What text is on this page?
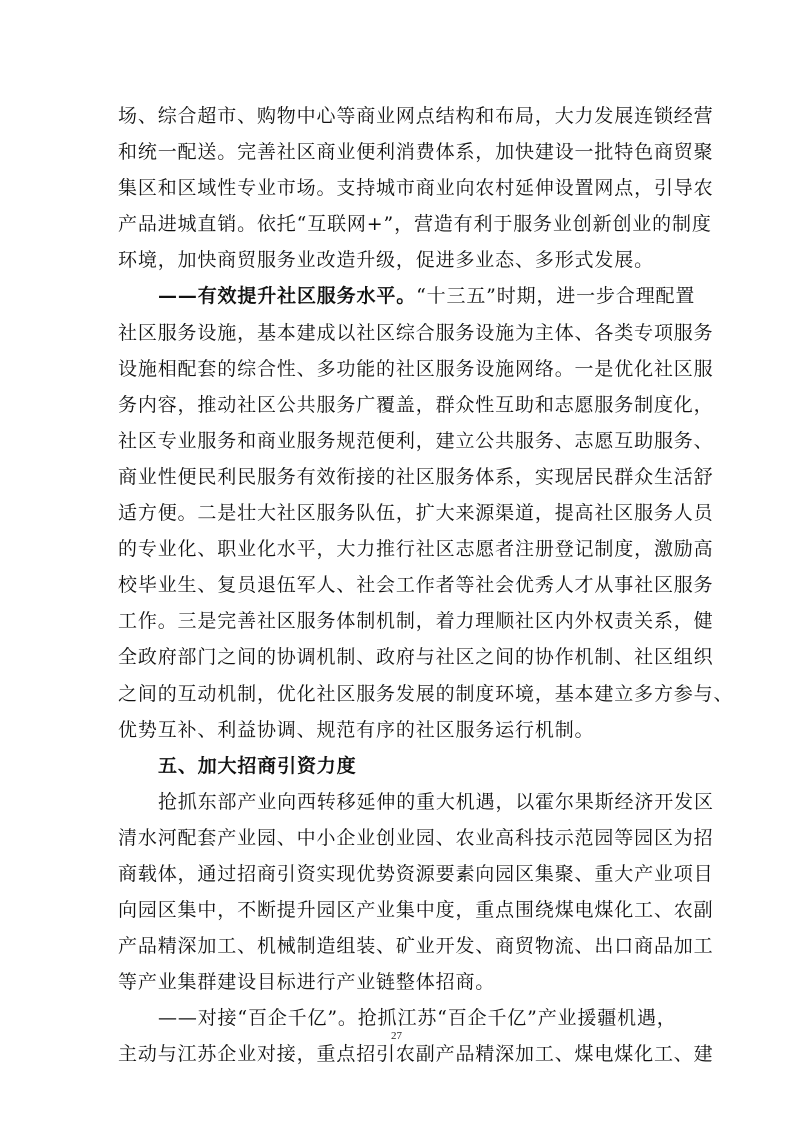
场、综合超市、购物中心等商业网点结构和布局，大力发展连锁经营
和统一配送。完善社区商业便利消费体系，加快建设一批特色商贸聚
集区和区域性专业市场。支持城市商业向农村延伸设置网点，引导农
产品进城直销。依托“互联网+”，营造有利于服务业创新创业的制度
环境，加快商贸服务业改造升级，促进多业态、多形式发展。
——有效提升社区服务水平。“十三五”时期，进一步合理配置
社区服务设施，基本建成以社区综合服务设施为主体、各类专项服务
设施相配套的综合性、多功能的社区服务设施网络。一是优化社区服
务内容，推动社区公共服务广覆盖，群众性互助和志愿服务制度化，
社区专业服务和商业服务规范便利，建立公共服务、志愿互助服务、
商业性便民利民服务有效衔接的社区服务体系，实现居民群众生活舒
适方便。二是壮大社区服务队伍，扩大来源渠道，提高社区服务人员
的专业化、职业化水平，大力推行社区志愿者注册登记制度，激励高
校毕业生、复员退伍军人、社会工作者等社会优秀人才从事社区服务
工作。三是完善社区服务体制机制，着力理顺社区内外权责关系，健
全政府部门之间的协调机制、政府与社区之间的协作机制、社区组织
之间的互动机制，优化社区服务发展的制度环境，基本建立多方参与、
优势互补、利益协调、规范有序的社区服务运行机制。
五、加大招商引资力度
抢抓东部产业向西转移延伸的重大机遇，以霍尔果斯经济开发区
清水河配套产业园、中小企业创业园、农业高科技示范园等园区为招
商载体，通过招商引资实现优势资源要素向园区集聚、重大产业项目
向园区集中，不断提升园区产业集中度，重点围绕煤电煤化工、农副
产品精深加工、机械制造组装、矿业开发、商贸物流、出口商品加工
等产业集群建设目标进行产业链整体招商。
——对接“百企千亿”。抢抓江苏“百企千亿”产业援疆机遇，
主动与江苏企业对接，重点招引农副产品精深加工、煤电煤化工、建
27
